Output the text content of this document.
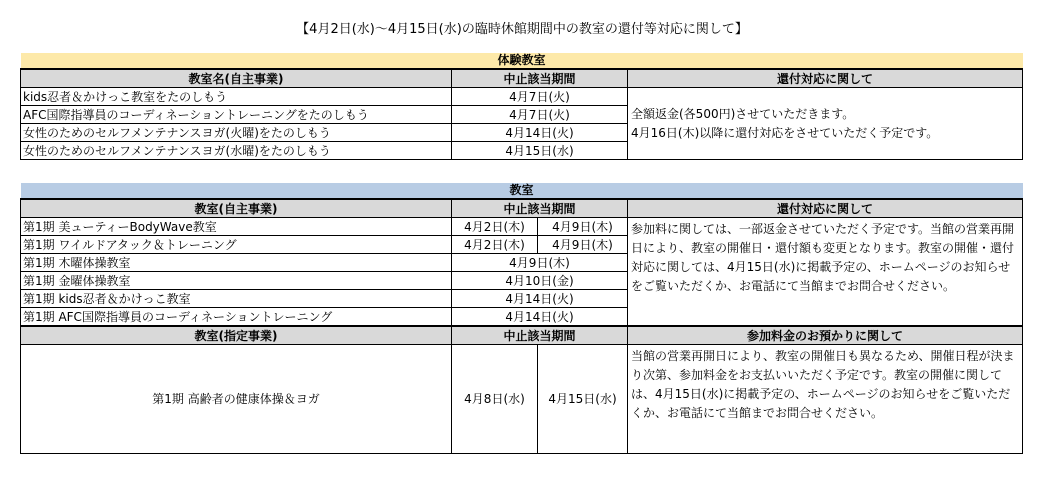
【4月2日(水)～4月15日(水)の臨時休館期間中の教室の還付等対応に関して】
体験教室		
教室名(自主事業)	中止該当期間	還付対応に関して
kids忍者＆かけっこ教室をたのしもう	4月7日(火)	全額返金(各500円)させていただきます。
4月16日(木)以降に還付対応をさせていただく予定です。

AFC国際指導員のコーディネーショントレーニングをたのしもう	4月7日(火)	
女性のためのセルフメンテナンスヨガ(火曜)をたのしもう	4月14日(火)	
女性のためのセルフメンテナンスヨガ(水曜)をたのしもう	4月15日(水)	
教室			
教室(自主事業)	中止該当期間		還付対応に関して
第1期 美ューティーBodyWave教室	4月2日(木)	4月9日(木)	参加料に関しては、一部返金させていただく予定です。当館の営業再開日により、教室の開催日・還付額も変更となります。教室の開催・還付対応に関しては、4月15日(水)に掲載予定の、ホームページのお知らせをご覧いただくか、お電話にて当館までお問合せください。
第1期 ワイルドアタック＆トレーニング	4月2日(木)	4月9日(木)	
第1期 木曜体操教室	4月9日(木)		
第1期 金曜体操教室	4月10日(金)		
第1期 kids忍者＆かけっこ教室	4月14日(火)		
第1期 AFC国際指導員のコーディネーショントレーニング	4月14日(火)		
教室(指定事業)	中止該当期間		参加料金のお預かりに関して
第1期 高齢者の健康体操＆ヨガ	4月8日(水)	4月15日(水)	当館の営業再開日により、教室の開催日も異なるため、開催日程が決まり次第、参加料金をお支払いいただく予定です。教室の開催に関しては、4月15日(水)に掲載予定の、ホームページのお知らせをご覧いただくか、お電話にて当館までお問合せください。
